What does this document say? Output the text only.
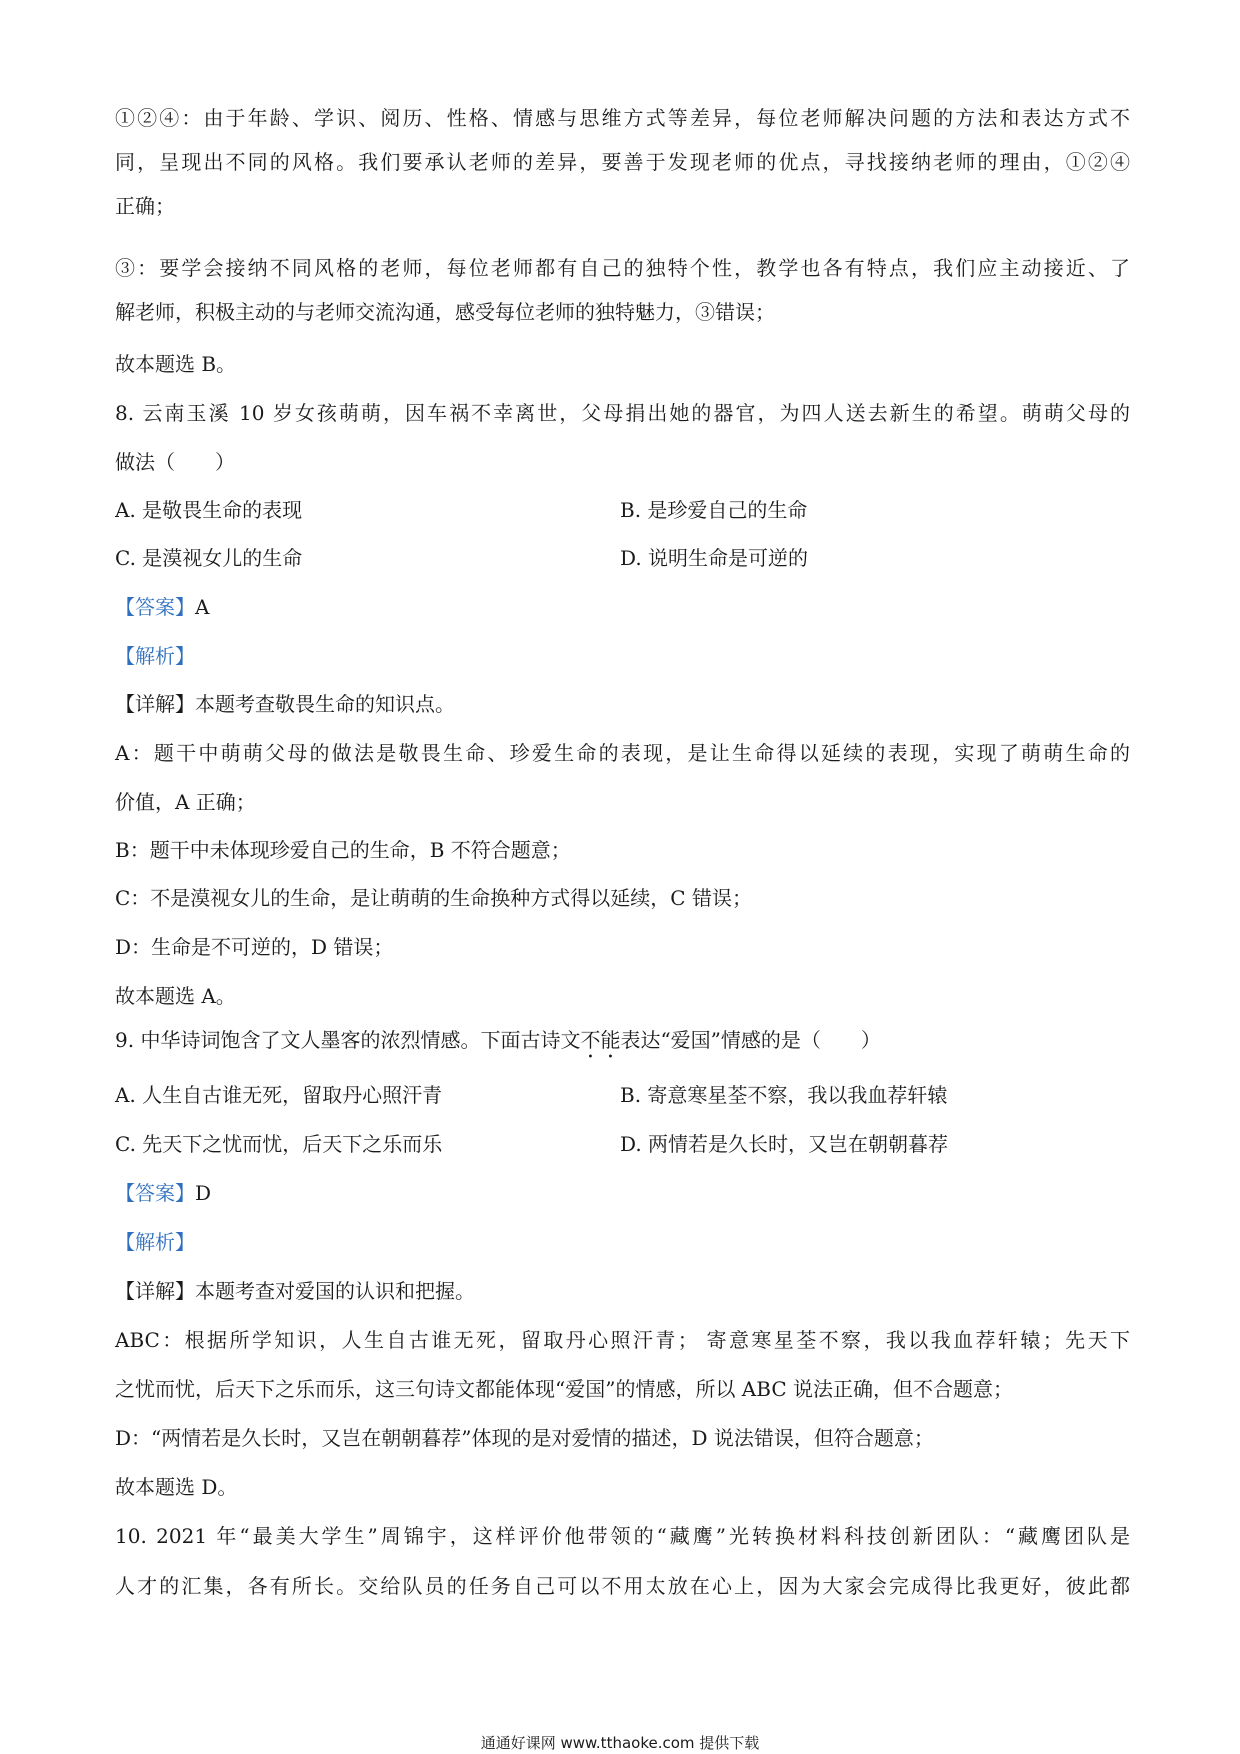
①②④：由于年龄、学识、阅历、性格、情感与思维方式等差异，每位老师解决问题的方法和表达方式不
同，呈现出不同的风格。我们要承认老师的差异，要善于发现老师的优点，寻找接纳老师的理由，①②④
正确；
③：要学会接纳不同风格的老师，每位老师都有自己的独特个性，教学也各有特点，我们应主动接近、了
解老师，积极主动的与老师交流沟通，感受每位老师的独特魅力，③错误；
故本题选 B。
8. 云南玉溪 10 岁女孩萌萌，因车祸不幸离世，父母捐出她的器官，为四人送去新生的希望。萌萌父母的
做法（　　）
A. 是敬畏生命的表现	B. 是珍爱自己的生命
C. 是漠视女儿的生命	D. 说明生命是可逆的
【答案】A
【解析】
【详解】本题考查敬畏生命的知识点。
A：题干中萌萌父母的做法是敬畏生命、珍爱生命的表现，是让生命得以延续的表现，实现了萌萌生命的
价值，A 正确；
B：题干中未体现珍爱自己的生命，B 不符合题意；
C：不是漠视女儿的生命，是让萌萌的生命换种方式得以延续，C 错误；
D：生命是不可逆的，D 错误；
故本题选 A。
9. 中华诗词饱含了文人墨客的浓烈情感。下面古诗文不能表达“爱国”情感的是（　　）
A. 人生自古谁无死，留取丹心照汗青	B. 寄意寒星荃不察，我以我血荐轩辕
C. 先天下之忧而忧，后天下之乐而乐	D. 两情若是久长时，又岂在朝朝暮荐
【答案】D
【解析】
【详解】本题考查对爱国的认识和把握。
ABC：根据所学知识，人生自古谁无死，留取丹心照汗青； 寄意寒星荃不察，我以我血荐轩辕；先天下
之忧而忧，后天下之乐而乐，这三句诗文都能体现“爱国”的情感，所以 ABC 说法正确，但不合题意；
D：“两情若是久长时，又岂在朝朝暮荐”体现的是对爱情的描述，D 说法错误，但符合题意；
故本题选 D。
10. 2021 年“最美大学生”周锦宇，这样评价他带领的“藏鹰”光转换材料科技创新团队：“藏鹰团队是
人才的汇集，各有所长。交给队员的任务自己可以不用太放在心上，因为大家会完成得比我更好，彼此都
通通好课网 www.tthaoke.com 提供下载
